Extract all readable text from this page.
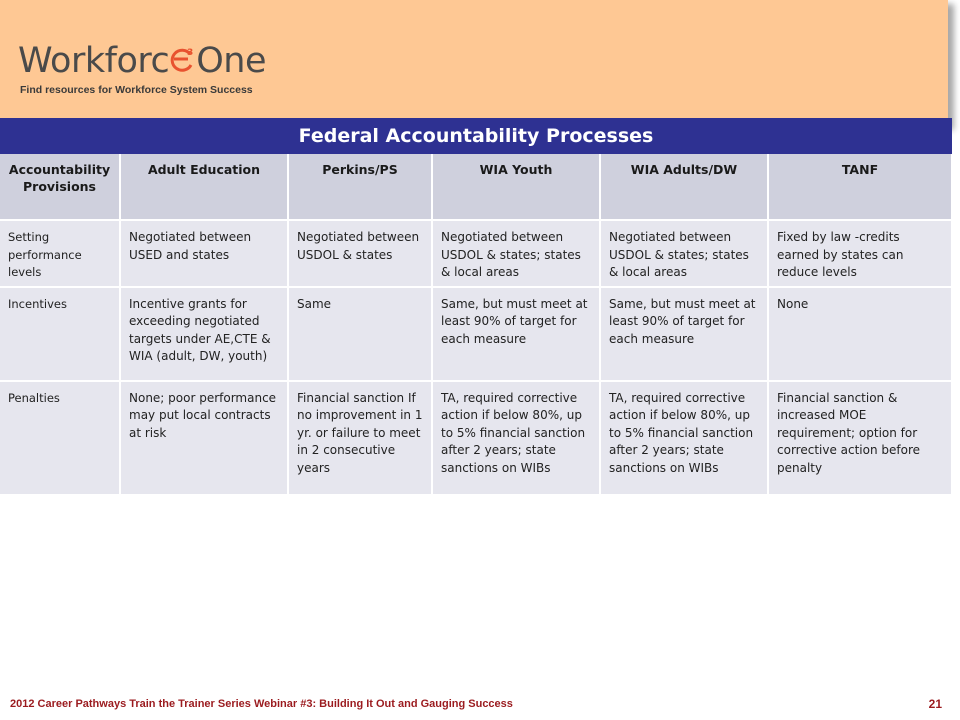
Workforc 3 One
Find resources for Workforce System Success
Federal Accountability Processes
Accountability Provisions	Adult Education	Perkins/PS	WIA Youth	WIA Adults/DW	TANF
Setting performance levels	Negotiated between USED and states	Negotiated between USDOL & states	Negotiated between USDOL & states; states & local areas	Negotiated between USDOL & states; states & local areas	Fixed by law -credits earned by states can reduce levels
Incentives	Incentive grants for exceeding negotiated targets under AE,CTE & WIA (adult, DW, youth)	Same	Same, but must meet at least 90% of target for each measure	Same, but must meet at least 90% of target for each measure	None
Penalties	None; poor performance may put local contracts at risk	Financial sanction If no improvement in 1 yr. or failure to meet in 2 consecutive years	TA, required corrective action if below 80%, up to 5% financial sanction after 2 years; state sanctions on WIBs	TA, required corrective action if below 80%, up to 5% financial sanction after 2 years; state sanctions on WIBs	Financial sanction & increased MOE requirement; option for corrective action before penalty
2012 Career Pathways Train the Trainer Series Webinar #3: Building It Out and Gauging Success	21
